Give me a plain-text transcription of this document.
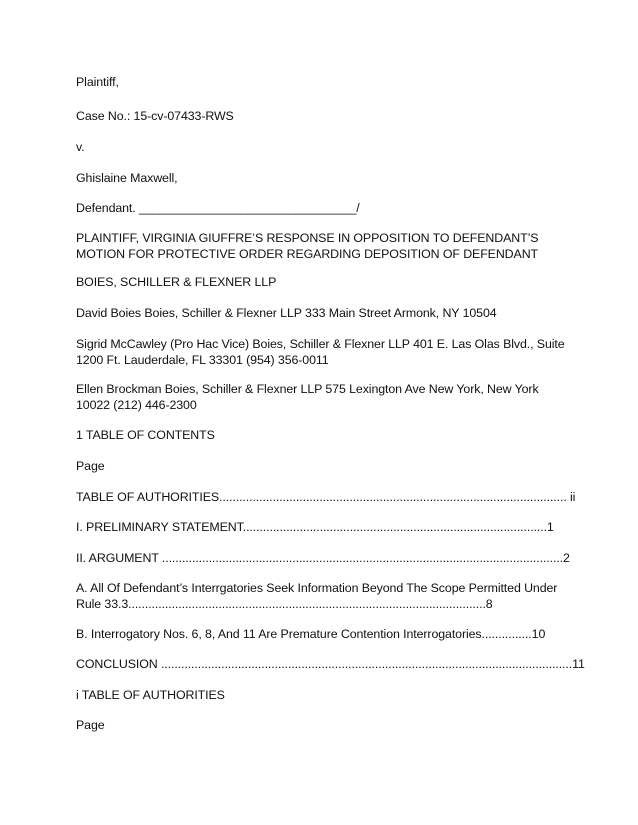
Plaintiff,
Case No.: 15-cv-07433-RWS
v.
Ghislaine Maxwell,
Defendant. ________________________________/
PLAINTIFF, VIRGINIA GIUFFRE’S RESPONSE IN OPPOSITION TO DEFENDANT’S MOTION FOR PROTECTIVE ORDER REGARDING DEPOSITION OF DEFENDANT
BOIES, SCHILLER & FLEXNER LLP
David Boies Boies, Schiller & Flexner LLP 333 Main Street Armonk, NY 10504
Sigrid McCawley (Pro Hac Vice) Boies, Schiller & Flexner LLP 401 E. Las Olas Blvd., Suite 1200 Ft. Lauderdale, FL 33301 (954) 356-0011
Ellen Brockman Boies, Schiller & Flexner LLP 575 Lexington Ave New York, New York 10022 (212) 446-2300
1 TABLE OF CONTENTS
Page
TABLE OF AUTHORITIES........................................................................................................ ii
I. PRELIMINARY STATEMENT...........................................................................................1
II. ARGUMENT ........................................................................................................................2
A. All Of Defendant’s Interrgatories Seek Information Beyond The Scope Permitted Under Rule 33.3...........................................................................................................8
B. Interrogatory Nos. 6, 8, And 11 Are Premature Contention Interrogatories...............10
CONCLUSION ...........................................................................................................................11
i TABLE OF AUTHORITIES
Page
